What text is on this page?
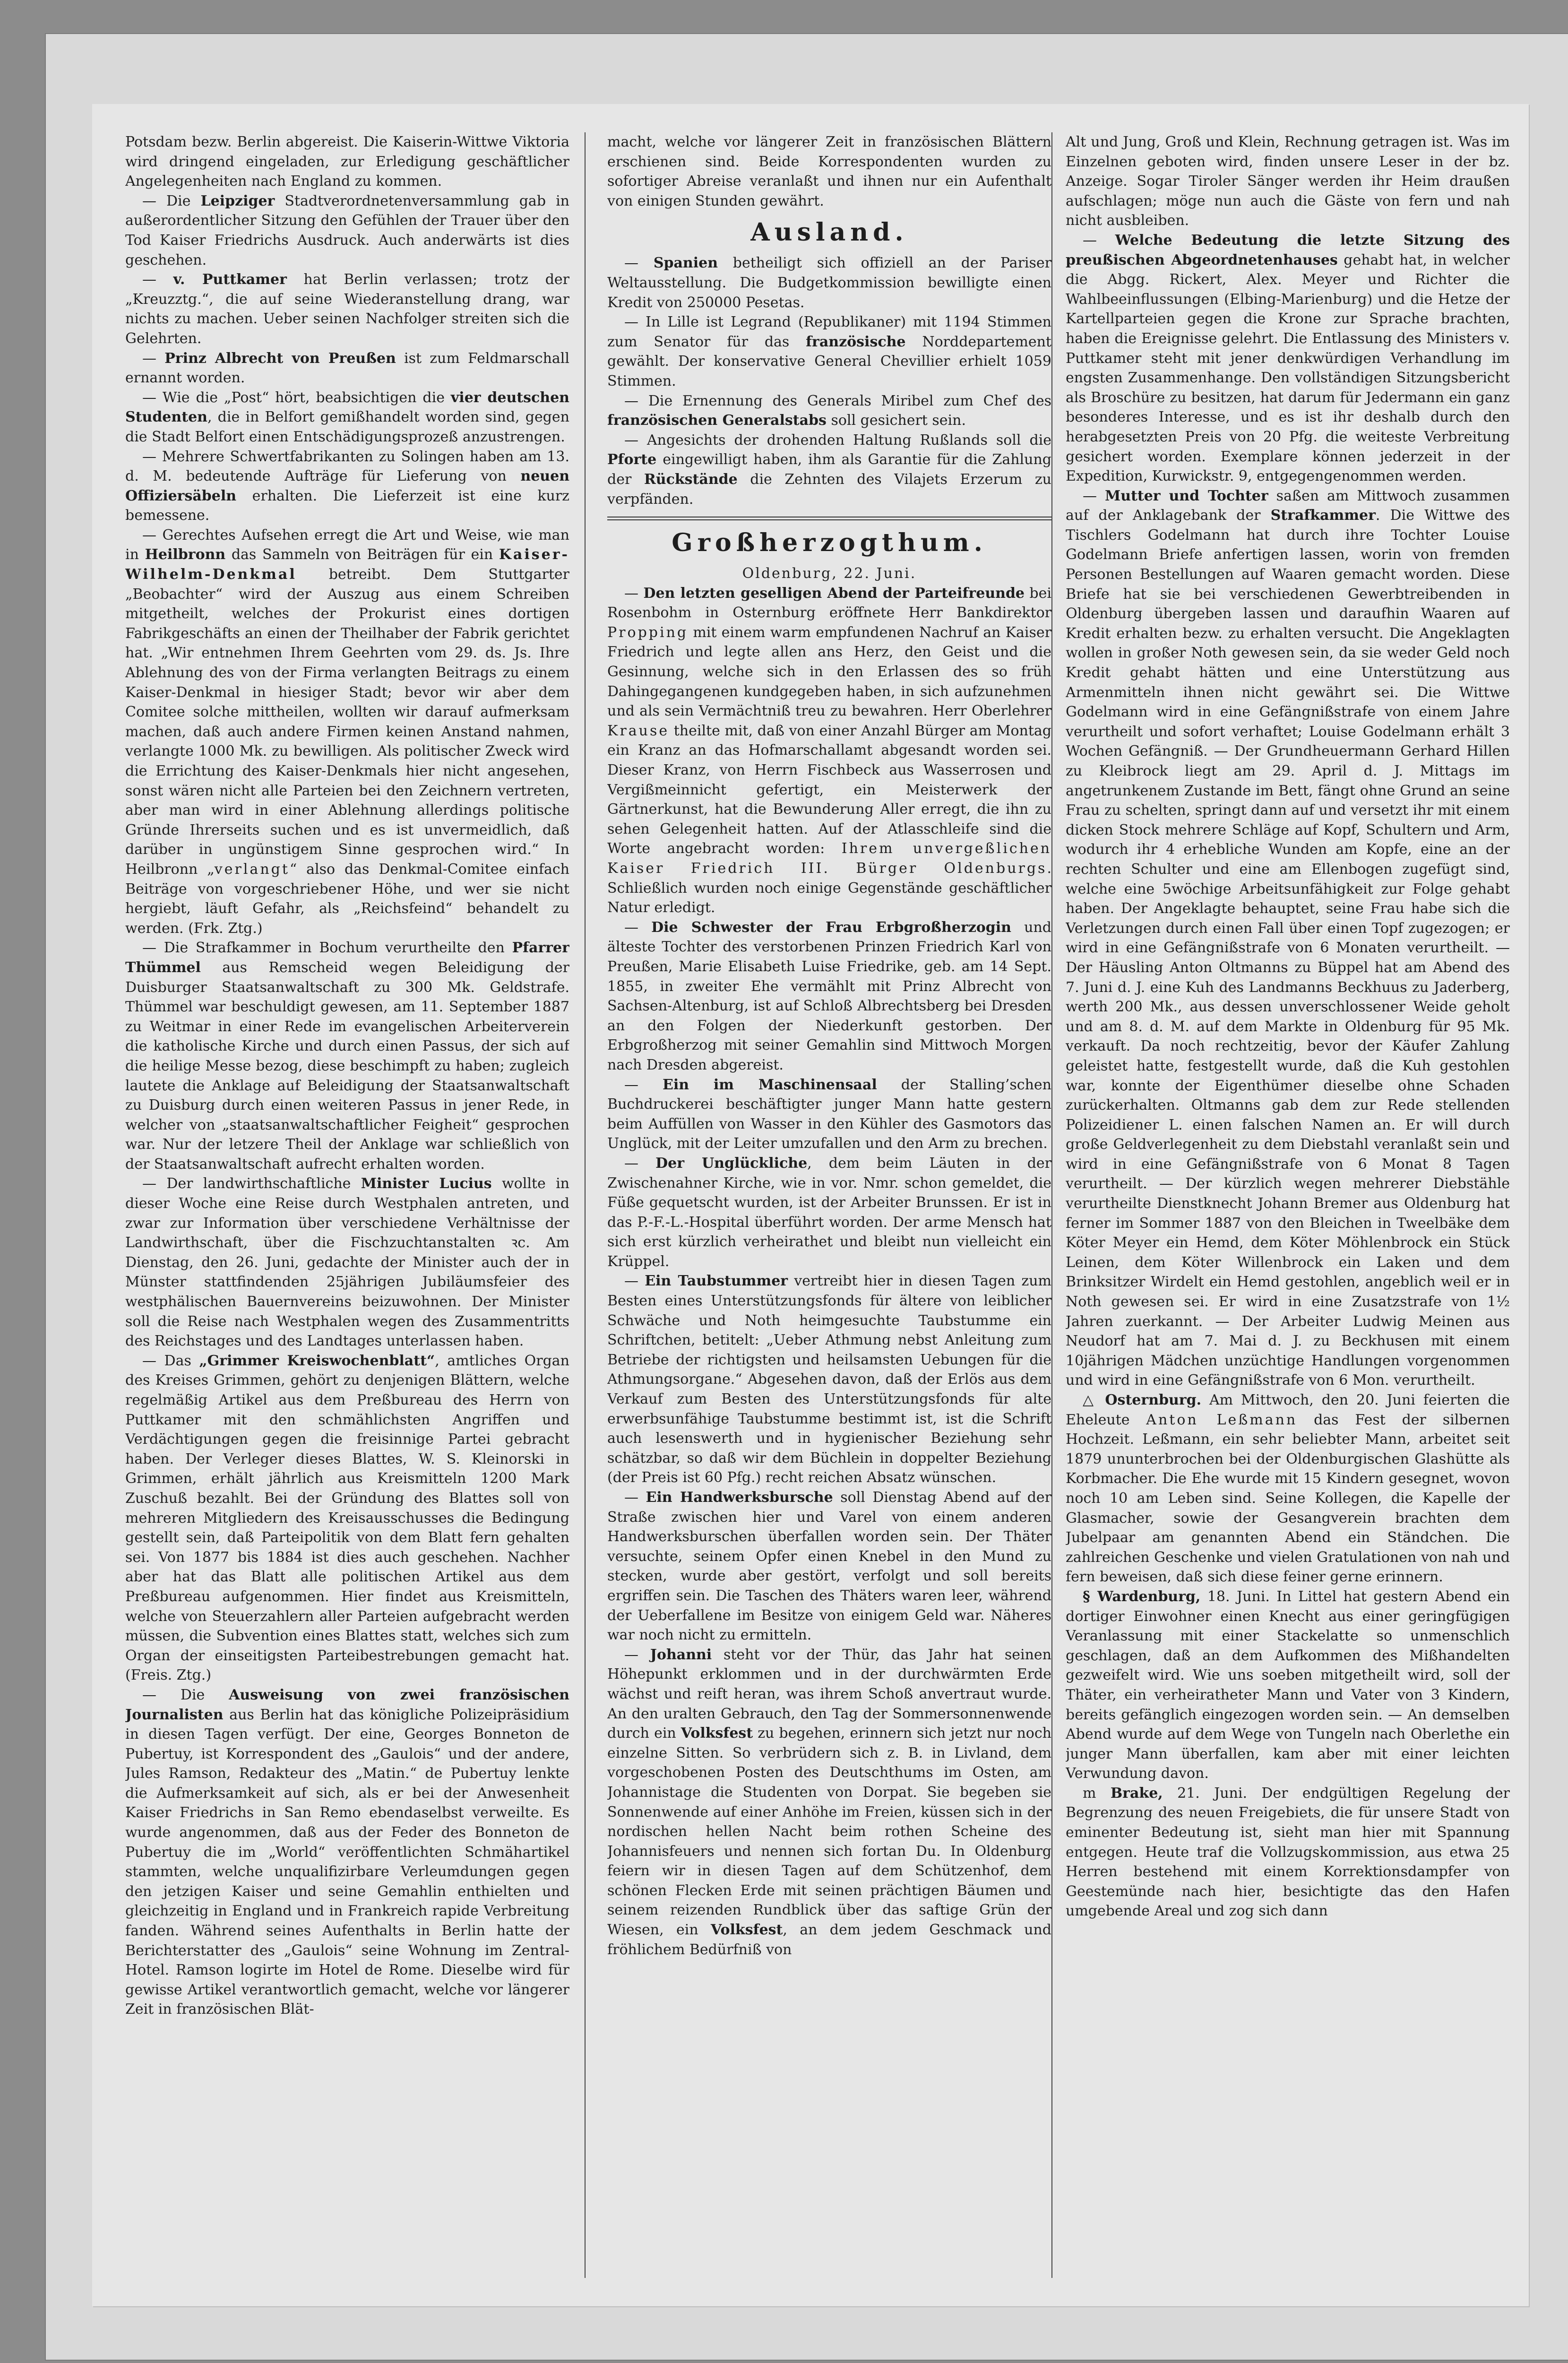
Potsdam bezw. Berlin abgereist. Die Kaiserin-Wittwe Viktoria wird dringend eingeladen, zur Erledigung geschäftlicher Angelegenheiten nach England zu kommen.

— Die Leipziger Stadtverordnetenversammlung gab in außerordentlicher Sitzung den Gefühlen der Trauer über den Tod Kaiser Friedrichs Ausdruck. Auch anderwärts ist dies geschehen.

— v. Puttkamer hat Berlin verlassen; trotz der „Kreuzztg.“, die auf seine Wiederanstellung drang, war nichts zu machen. Ueber seinen Nachfolger streiten sich die Gelehrten.

— Prinz Albrecht von Preußen ist zum Feldmarschall ernannt worden.

— Wie die „Post“ hört, beabsichtigen die vier deutschen Studenten, die in Belfort gemißhandelt worden sind, gegen die Stadt Belfort einen Entschädigungsprozeß anzustrengen.

— Mehrere Schwertfabrikanten zu Solingen haben am 13. d. M. bedeutende Aufträge für Lieferung von neuen Offiziersäbeln erhalten. Die Lieferzeit ist eine kurz bemessene.

— Gerechtes Aufsehen erregt die Art und Weise, wie man in Heilbronn das Sammeln von Beiträgen für ein Kaiser-Wilhelm-Denkmal betreibt. Dem Stuttgarter „Beobachter“ wird der Auszug aus einem Schreiben mitgetheilt, welches der Prokurist eines dortigen Fabrikgeschäfts an einen der Theilhaber der Fabrik gerichtet hat. „Wir entnehmen Ihrem Geehrten vom 29. ds. Js. Ihre Ablehnung des von der Firma verlangten Beitrags zu einem Kaiser-Denkmal in hiesiger Stadt; bevor wir aber dem Comitee solche mittheilen, wollten wir darauf aufmerksam machen, daß auch andere Firmen keinen Anstand nahmen, verlangte 1000 Mk. zu bewilligen. Als politischer Zweck wird die Errichtung des Kaiser-Denkmals hier nicht angesehen, sonst wären nicht alle Parteien bei den Zeichnern vertreten, aber man wird in einer Ablehnung allerdings politische Gründe Ihrerseits suchen und es ist unvermeidlich, daß darüber in ungünstigem Sinne gesprochen wird.“ In Heilbronn „verlangt“ also das Denkmal-Comitee einfach Beiträge von vorgeschriebener Höhe, und wer sie nicht hergiebt, läuft Gefahr, als „Reichsfeind“ behandelt zu werden. (Frk. Ztg.)

— Die Strafkammer in Bochum verurtheilte den Pfarrer Thümmel aus Remscheid wegen Beleidigung der Duisburger Staatsanwaltschaft zu 300 Mk. Geldstrafe. Thümmel war beschuldigt gewesen, am 11. September 1887 zu Weitmar in einer Rede im evangelischen Arbeiterverein die katholische Kirche und durch einen Passus, der sich auf die heilige Messe bezog, diese beschimpft zu haben; zugleich lautete die Anklage auf Beleidigung der Staatsanwaltschaft zu Duisburg durch einen weiteren Passus in jener Rede, in welcher von „staatsanwaltschaftlicher Feigheit“ gesprochen war. Nur der letzere Theil der Anklage war schließlich von der Staatsanwaltschaft aufrecht erhalten worden.

— Der landwirthschaftliche Minister Lucius wollte in dieser Woche eine Reise durch Westphalen antreten, und zwar zur Information über verschiedene Verhältnisse der Landwirthschaft, über die Fischzuchtanstalten ꝛc. Am Dienstag, den 26. Juni, gedachte der Minister auch der in Münster stattfindenden 25jährigen Jubiläumsfeier des westphälischen Bauernvereins beizuwohnen. Der Minister soll die Reise nach Westphalen wegen des Zusammentritts des Reichstages und des Landtages unterlassen haben.

— Das „Grimmer Kreiswochenblatt“, amtliches Organ des Kreises Grimmen, gehört zu denjenigen Blättern, welche regelmäßig Artikel aus dem Preßbureau des Herrn von Puttkamer mit den schmählichsten Angriffen und Verdächtigungen gegen die freisinnige Partei gebracht haben. Der Verleger dieses Blattes, W. S. Kleinorski in Grimmen, erhält jährlich aus Kreismitteln 1200 Mark Zuschuß bezahlt. Bei der Gründung des Blattes soll von mehreren Mitgliedern des Kreisausschusses die Bedingung gestellt sein, daß Parteipolitik von dem Blatt fern gehalten sei. Von 1877 bis 1884 ist dies auch geschehen. Nachher aber hat das Blatt alle politischen Artikel aus dem Preßbureau aufgenommen. Hier findet aus Kreismitteln, welche von Steuerzahlern aller Parteien aufgebracht werden müssen, die Subvention eines Blattes statt, welches sich zum Organ der einseitigsten Parteibestrebungen gemacht hat. (Freis. Ztg.)

— Die Ausweisung von zwei französischen Journalisten aus Berlin hat das königliche Polizeipräsidium in diesen Tagen verfügt. Der eine, Georges Bonneton de Pubertuy, ist Korrespondent des „Gaulois“ und der andere, Jules Ramson, Redakteur des „Matin.“ de Pubertuy lenkte die Aufmerksamkeit auf sich, als er bei der Anwesenheit Kaiser Friedrichs in San Remo ebendaselbst verweilte. Es wurde angenommen, daß aus der Feder des Bonneton de Pubertuy die im „World“ veröffentlichten Schmähartikel stammten, welche unqualifizirbare Verleumdungen gegen den jetzigen Kaiser und seine Gemahlin enthielten und gleichzeitig in England und in Frankreich rapide Verbreitung fanden. Während seines Aufenthalts in Berlin hatte der Berichterstatter des „Gaulois“ seine Wohnung im Zentral-Hotel. Ramson logirte im Hotel de Rome. Dieselbe wird für gewisse Artikel verantwortlich gemacht, welche vor längerer Zeit in französischen Blät-

macht, welche vor längerer Zeit in französischen Blättern erschienen sind. Beide Korrespondenten wurden zu sofortiger Abreise veranlaßt und ihnen nur ein Aufenthalt von einigen Stunden gewährt.

Ausland.

— Spanien betheiligt sich offiziell an der Pariser Weltausstellung. Die Budgetkommission bewilligte einen Kredit von 250000 Pesetas.

— In Lille ist Legrand (Republikaner) mit 1194 Stimmen zum Senator für das französische Norddepartement gewählt. Der konservative General Chevillier erhielt 1059 Stimmen.

— Die Ernennung des Generals Miribel zum Chef des französischen Generalstabs soll gesichert sein.

— Angesichts der drohenden Haltung Rußlands soll die Pforte eingewilligt haben, ihm als Garantie für die Zahlung der Rückstände die Zehnten des Vilajets Erzerum zu verpfänden.

Großherzogthum.
Oldenburg, 22. Juni.

— Den letzten geselligen Abend der Parteifreunde bei Rosenbohm in Osternburg eröffnete Herr Bankdirektor Propping mit einem warm empfundenen Nachruf an Kaiser Friedrich und legte allen ans Herz, den Geist und die Gesinnung, welche sich in den Erlassen des so früh Dahingegangenen kundgegeben haben, in sich aufzunehmen und als sein Vermächtniß treu zu bewahren. Herr Oberlehrer Krause theilte mit, daß von einer Anzahl Bürger am Montag ein Kranz an das Hofmarschallamt abgesandt worden sei. Dieser Kranz, von Herrn Fischbeck aus Wasserrosen und Vergißmeinnicht gefertigt, ein Meisterwerk der Gärtnerkunst, hat die Bewunderung Aller erregt, die ihn zu sehen Gelegenheit hatten. Auf der Atlasschleife sind die Worte angebracht worden: Ihrem unvergeßlichen Kaiser Friedrich III. Bürger Oldenburgs. Schließlich wurden noch einige Gegenstände geschäftlicher Natur erledigt.

— Die Schwester der Frau Erbgroßherzogin und älteste Tochter des verstorbenen Prinzen Friedrich Karl von Preußen, Marie Elisabeth Luise Friedrike, geb. am 14 Sept. 1855, in zweiter Ehe vermählt mit Prinz Albrecht von Sachsen-Altenburg, ist auf Schloß Albrechtsberg bei Dresden an den Folgen der Niederkunft gestorben. Der Erbgroßherzog mit seiner Gemahlin sind Mittwoch Morgen nach Dresden abgereist.

— Ein im Maschinensaal der Stalling’schen Buchdruckerei beschäftigter junger Mann hatte gestern beim Auffüllen von Wasser in den Kühler des Gasmotors das Unglück, mit der Leiter umzufallen und den Arm zu brechen.

— Der Unglückliche, dem beim Läuten in der Zwischenahner Kirche, wie in vor. Nmr. schon gemeldet, die Füße gequetscht wurden, ist der Arbeiter Brunssen. Er ist in das P.-F.-L.-Hospital überführt worden. Der arme Mensch hat sich erst kürzlich verheirathet und bleibt nun vielleicht ein Krüppel.

— Ein Taubstummer vertreibt hier in diesen Tagen zum Besten eines Unterstützungsfonds für ältere von leiblicher Schwäche und Noth heimgesuchte Taubstumme ein Schriftchen, betitelt: „Ueber Athmung nebst Anleitung zum Betriebe der richtigsten und heilsamsten Uebungen für die Athmungsorgane.“ Abgesehen davon, daß der Erlös aus dem Verkauf zum Besten des Unterstützungsfonds für alte erwerbsunfähige Taubstumme bestimmt ist, ist die Schrift auch lesenswerth und in hygienischer Beziehung sehr schätzbar, so daß wir dem Büchlein in doppelter Beziehung (der Preis ist 60 Pfg.) recht reichen Absatz wünschen.

— Ein Handwerksbursche soll Dienstag Abend auf der Straße zwischen hier und Varel von einem anderen Handwerksburschen überfallen worden sein. Der Thäter versuchte, seinem Opfer einen Knebel in den Mund zu stecken, wurde aber gestört, verfolgt und soll bereits ergriffen sein. Die Taschen des Thäters waren leer, während der Ueberfallene im Besitze von einigem Geld war. Näheres war noch nicht zu ermitteln.

— Johanni steht vor der Thür, das Jahr hat seinen Höhepunkt erklommen und in der durchwärmten Erde wächst und reift heran, was ihrem Schoß anvertraut wurde. An den uralten Gebrauch, den Tag der Sommersonnenwende durch ein Volksfest zu begehen, erinnern sich jetzt nur noch einzelne Sitten. So verbrüdern sich z. B. in Livland, dem vorgeschobenen Posten des Deutschthums im Osten, am Johannistage die Studenten von Dorpat. Sie begeben sie Sonnenwende auf einer Anhöhe im Freien, küssen sich in der nordischen hellen Nacht beim rothen Scheine des Johannisfeuers und nennen sich fortan Du. In Oldenburg feiern wir in diesen Tagen auf dem Schützenhof, dem schönen Flecken Erde mit seinen prächtigen Bäumen und seinem reizenden Rundblick über das saftige Grün der Wiesen, ein Volksfest, an dem jedem Geschmack und fröhlichem Bedürfniß von

Alt und Jung, Groß und Klein, Rechnung getragen ist. Was im Einzelnen geboten wird, finden unsere Leser in der bz. Anzeige. Sogar Tiroler Sänger werden ihr Heim draußen aufschlagen; möge nun auch die Gäste von fern und nah nicht ausbleiben.

— Welche Bedeutung die letzte Sitzung des preußischen Abgeordnetenhauses gehabt hat, in welcher die Abgg. Rickert, Alex. Meyer und Richter die Wahlbeeinflussungen (Elbing-Marienburg) und die Hetze der Kartellparteien gegen die Krone zur Sprache brachten, haben die Ereignisse gelehrt. Die Entlassung des Ministers v. Puttkamer steht mit jener denkwürdigen Verhandlung im engsten Zusammenhange. Den vollständigen Sitzungsbericht als Broschüre zu besitzen, hat darum für Jedermann ein ganz besonderes Interesse, und es ist ihr deshalb durch den herabgesetzten Preis von 20 Pfg. die weiteste Verbreitung gesichert worden. Exemplare können jederzeit in der Expedition, Kurwickstr. 9, entgegengenommen werden.

— Mutter und Tochter saßen am Mittwoch zusammen auf der Anklagebank der Strafkammer. Die Wittwe des Tischlers Godelmann hat durch ihre Tochter Louise Godelmann Briefe anfertigen lassen, worin von fremden Personen Bestellungen auf Waaren gemacht worden. Diese Briefe hat sie bei verschiedenen Gewerbtreibenden in Oldenburg übergeben lassen und daraufhin Waaren auf Kredit erhalten bezw. zu erhalten versucht. Die Angeklagten wollen in großer Noth gewesen sein, da sie weder Geld noch Kredit gehabt hätten und eine Unterstützung aus Armenmitteln ihnen nicht gewährt sei. Die Wittwe Godelmann wird in eine Gefängnißstrafe von einem Jahre verurtheilt und sofort verhaftet; Louise Godelmann erhält 3 Wochen Gefängniß. — Der Grundheuermann Gerhard Hillen zu Kleibrock liegt am 29. April d. J. Mittags im angetrunkenem Zustande im Bett, fängt ohne Grund an seine Frau zu schelten, springt dann auf und versetzt ihr mit einem dicken Stock mehrere Schläge auf Kopf, Schultern und Arm, wodurch ihr 4 erhebliche Wunden am Kopfe, eine an der rechten Schulter und eine am Ellenbogen zugefügt sind, welche eine 5wöchige Arbeitsunfähigkeit zur Folge gehabt haben. Der Angeklagte behauptet, seine Frau habe sich die Verletzungen durch einen Fall über einen Topf zugezogen; er wird in eine Gefängnißstrafe von 6 Monaten verurtheilt. — Der Häusling Anton Oltmanns zu Büppel hat am Abend des 7. Juni d. J. eine Kuh des Landmanns Beckhuus zu Jaderberg, werth 200 Mk., aus dessen unverschlossener Weide geholt und am 8. d. M. auf dem Markte in Oldenburg für 95 Mk. verkauft. Da noch rechtzeitig, bevor der Käufer Zahlung geleistet hatte, festgestellt wurde, daß die Kuh gestohlen war, konnte der Eigenthümer dieselbe ohne Schaden zurückerhalten. Oltmanns gab dem zur Rede stellenden Polizeidiener L. einen falschen Namen an. Er will durch große Geldverlegenheit zu dem Diebstahl veranlaßt sein und wird in eine Gefängnißstrafe von 6 Monat 8 Tagen verurtheilt. — Der kürzlich wegen mehrerer Diebstähle verurtheilte Dienstknecht Johann Bremer aus Oldenburg hat ferner im Sommer 1887 von den Bleichen in Tweelbäke dem Köter Meyer ein Hemd, dem Köter Möhlenbrock ein Stück Leinen, dem Köter Willenbrock ein Laken und dem Brinksitzer Wirdelt ein Hemd gestohlen, angeblich weil er in Noth gewesen sei. Er wird in eine Zusatzstrafe von 1½ Jahren zuerkannt. — Der Arbeiter Ludwig Meinen aus Neudorf hat am 7. Mai d. J. zu Beckhusen mit einem 10jährigen Mädchen unzüchtige Handlungen vorgenommen und wird in eine Gefängnißstrafe von 6 Mon. verurtheilt.

△ Osternburg. Am Mittwoch, den 20. Juni feierten die Eheleute Anton Leßmann das Fest der silbernen Hochzeit. Leßmann, ein sehr beliebter Mann, arbeitet seit 1879 ununterbrochen bei der Oldenburgischen Glashütte als Korbmacher. Die Ehe wurde mit 15 Kindern gesegnet, wovon noch 10 am Leben sind. Seine Kollegen, die Kapelle der Glasmacher, sowie der Gesangverein brachten dem Jubelpaar am genannten Abend ein Ständchen. Die zahlreichen Geschenke und vielen Gratulationen von nah und fern beweisen, daß sich diese feiner gerne erinnern.

§ Wardenburg, 18. Juni. In Littel hat gestern Abend ein dortiger Einwohner einen Knecht aus einer geringfügigen Veranlassung mit einer Stackelatte so unmenschlich geschlagen, daß an dem Aufkommen des Mißhandelten gezweifelt wird. Wie uns soeben mitgetheilt wird, soll der Thäter, ein verheiratheter Mann und Vater von 3 Kindern, bereits gefänglich eingezogen worden sein. — An demselben Abend wurde auf dem Wege von Tungeln nach Oberlethe ein junger Mann überfallen, kam aber mit einer leichten Verwundung davon.

m Brake, 21. Juni. Der endgültigen Regelung der Begrenzung des neuen Freigebiets, die für unsere Stadt von eminenter Bedeutung ist, sieht man hier mit Spannung entgegen. Heute traf die Vollzugskommission, aus etwa 25 Herren bestehend mit einem Korrektionsdampfer von Geestemünde nach hier, besichtigte das den Hafen umgebende Areal und zog sich dann
